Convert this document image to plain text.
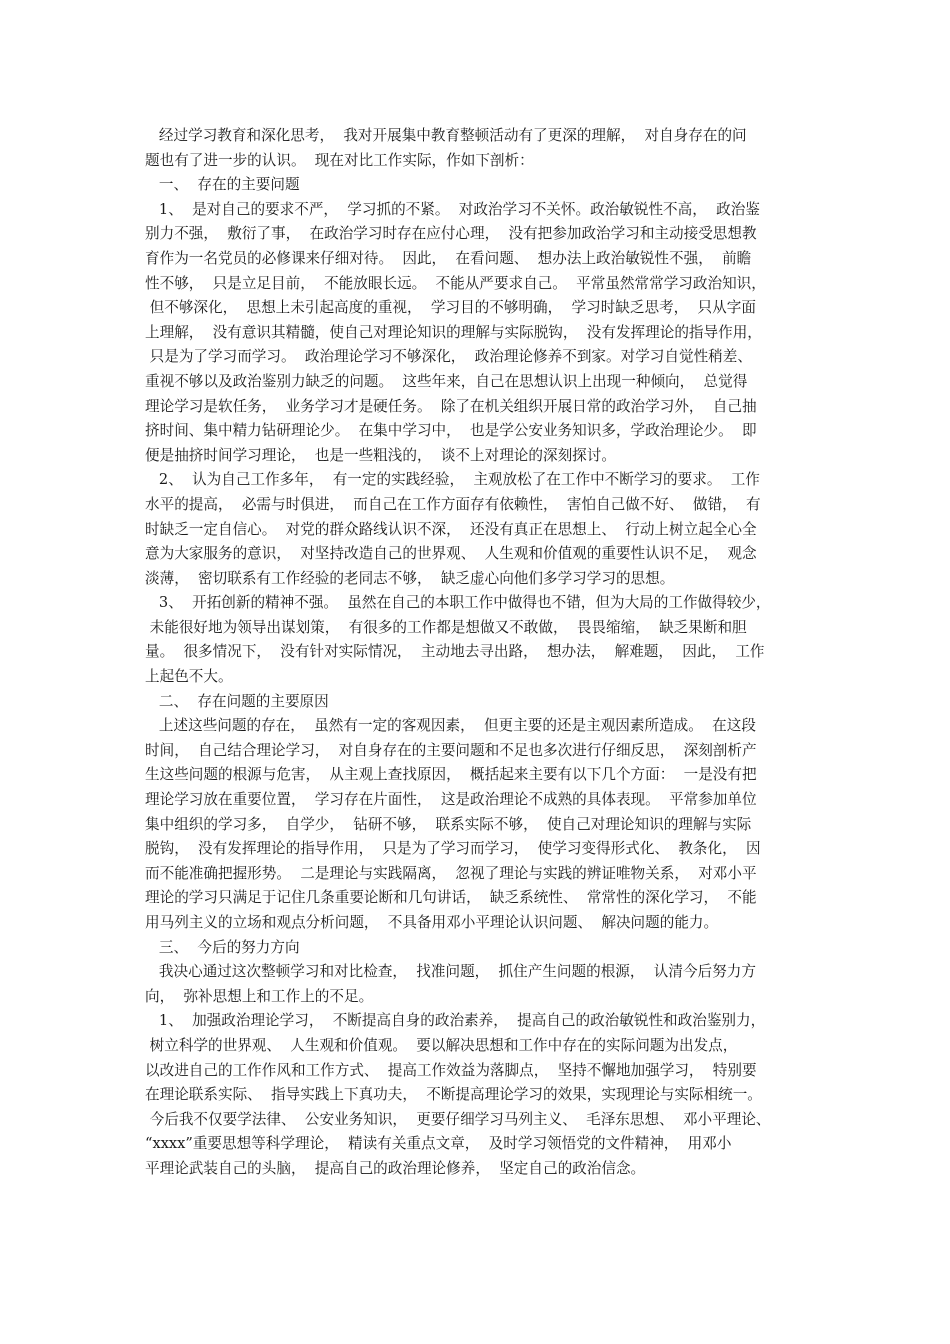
经过学习教育和深化思考，  我对开展集中教育整顿活动有了更深的理解，  对自身存在的问
题也有了进一步的认识。  现在对比工作实际，作如下剖析：
一、  存在的主要问题
1、  是对自己的要求不严，  学习抓的不紧。  对政治学习不关怀。政治敏锐性不高，  政治鉴
别力不强，  敷衍了事，  在政治学习时存在应付心理，  没有把参加政治学习和主动接受思想教
育作为一名党员的必修课来仔细对待。  因此，  在看问题、  想办法上政治敏锐性不强，  前瞻
性不够，  只是立足目前，  不能放眼长远。  不能从严要求自己。  平常虽然常常学习政治知识，
但不够深化，  思想上未引起高度的重视，  学习目的不够明确，  学习时缺乏思考，  只从字面
上理解，  没有意识其精髓，使自己对理论知识的理解与实际脱钩，  没有发挥理论的指导作用，
只是为了学习而学习。  政治理论学习不够深化，  政治理论修养不到家。对学习自觉性稍差、
重视不够以及政治鉴别力缺乏的问题。  这些年来，自己在思想认识上出现一种倾向，  总觉得
理论学习是软任务，  业务学习才是硬任务。  除了在机关组织开展日常的政治学习外，  自己抽
挤时间、集中精力钻研理论少。  在集中学习中，  也是学公安业务知识多，学政治理论少。  即
便是抽挤时间学习理论，  也是一些粗浅的，  谈不上对理论的深刻探讨。
2、  认为自己工作多年，  有一定的实践经验，  主观放松了在工作中不断学习的要求。  工作
水平的提高，  必需与时俱进，  而自己在工作方面存有依赖性，  害怕自己做不好、  做错，  有
时缺乏一定自信心。  对党的群众路线认识不深，  还没有真正在思想上、  行动上树立起全心全
意为大家服务的意识，  对坚持改造自己的世界观、  人生观和价值观的重要性认识不足，  观念
淡薄，  密切联系有工作经验的老同志不够，  缺乏虚心向他们多学习学习的思想。
3、  开拓创新的精神不强。  虽然在自己的本职工作中做得也不错，但为大局的工作做得较少，
未能很好地为领导出谋划策，  有很多的工作都是想做又不敢做，  畏畏缩缩，  缺乏果断和胆
量。  很多情况下，  没有针对实际情况，  主动地去寻出路，  想办法，  解难题，  因此，  工作
上起色不大。
二、  存在问题的主要原因
上述这些问题的存在，  虽然有一定的客观因素，  但更主要的还是主观因素所造成。  在这段
时间，  自己结合理论学习，  对自身存在的主要问题和不足也多次进行仔细反思，  深刻剖析产
生这些问题的根源与危害，  从主观上查找原因，  概括起来主要有以下几个方面：  一是没有把
理论学习放在重要位置，  学习存在片面性，  这是政治理论不成熟的具体表现。  平常参加单位
集中组织的学习多，  自学少，  钻研不够，  联系实际不够，  使自己对理论知识的理解与实际
脱钩，  没有发挥理论的指导作用，  只是为了学习而学习，  使学习变得形式化、  教条化，  因
而不能准确把握形势。  二是理论与实践隔离，  忽视了理论与实践的辨证唯物关系，  对邓小平
理论的学习只满足于记住几条重要论断和几句讲话，  缺乏系统性、  常常性的深化学习，  不能
用马列主义的立场和观点分析问题，  不具备用邓小平理论认识问题、  解决问题的能力。
三、  今后的努力方向
我决心通过这次整顿学习和对比检查，  找准问题，  抓住产生问题的根源，  认清今后努力方
向，  弥补思想上和工作上的不足。
1、  加强政治理论学习，  不断提高自身的政治素养，  提高自己的政治敏锐性和政治鉴别力，
树立科学的世界观、  人生观和价值观。  要以解决思想和工作中存在的实际问题为出发点，
以改进自己的工作作风和工作方式、  提高工作效益为落脚点，  坚持不懈地加强学习，  特别要
在理论联系实际、  指导实践上下真功夫，  不断提高理论学习的效果，实现理论与实际相统一。
今后我不仅要学法律、  公安业务知识，  更要仔细学习马列主义、  毛泽东思想、  邓小平理论、
“xxxx”重要思想等科学理论，  精读有关重点文章，  及时学习领悟党的文件精神，  用邓小
平理论武装自己的头脑，  提高自己的政治理论修养，  坚定自己的政治信念。
